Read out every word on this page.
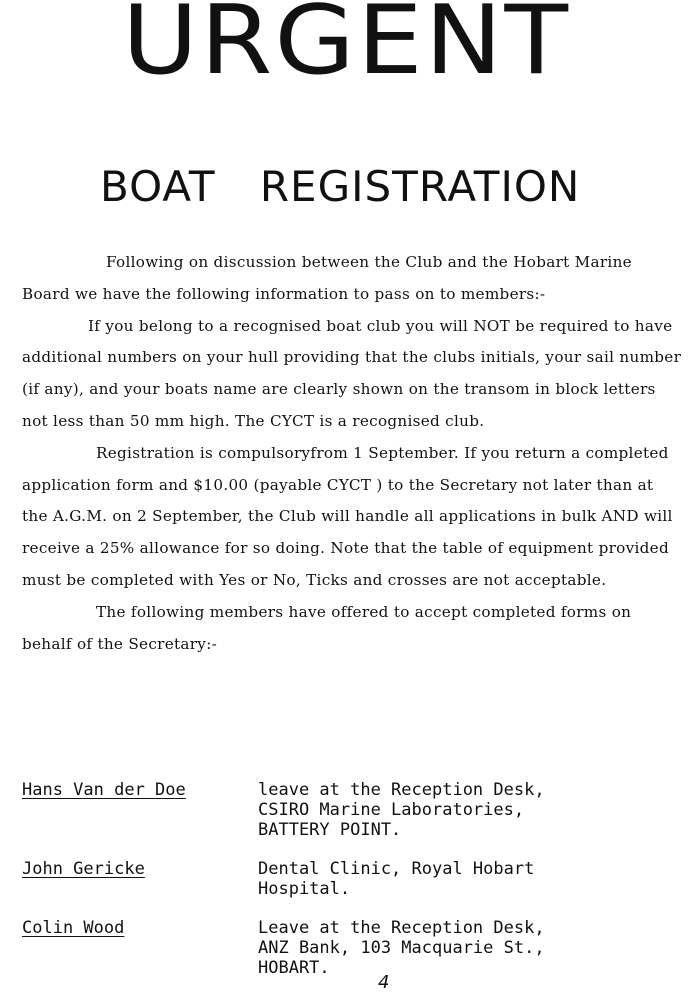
URGENT
BOAT REGISTRATION

Following on discussion between the Club and the Hobart Marine Board we have the following information to pass on to members:-

If you belong to a recognised boat club you will NOT be required to have additional numbers on your hull providing that the clubs initials, your sail number (if any), and your boats name are clearly shown on the transom in block letters not less than 50 mm high. The CYCT is a recognised club.

Registration is compulsoryfrom 1 September. If you return a completed application form and $10.00 (payable CYCT ) to the Secretary not later than at the A.G.M. on 2 September, the Club will handle all applications in bulk AND will receive a 25% allowance for so doing. Note that the table of equipment provided must be completed with Yes or No, Ticks and crosses are not acceptable.

The following members have offered to accept completed forms on behalf of the Secretary:-

Hans Van der Doe	leave at the Reception Desk,
CSIRO Marine Laboratories,
BATTERY POINT.
John Gericke	Dental Clinic, Royal Hobart
Hospital.
Colin Wood	Leave at the Reception Desk,
ANZ Bank, 103 Macquarie St.,
HOBART.
4
